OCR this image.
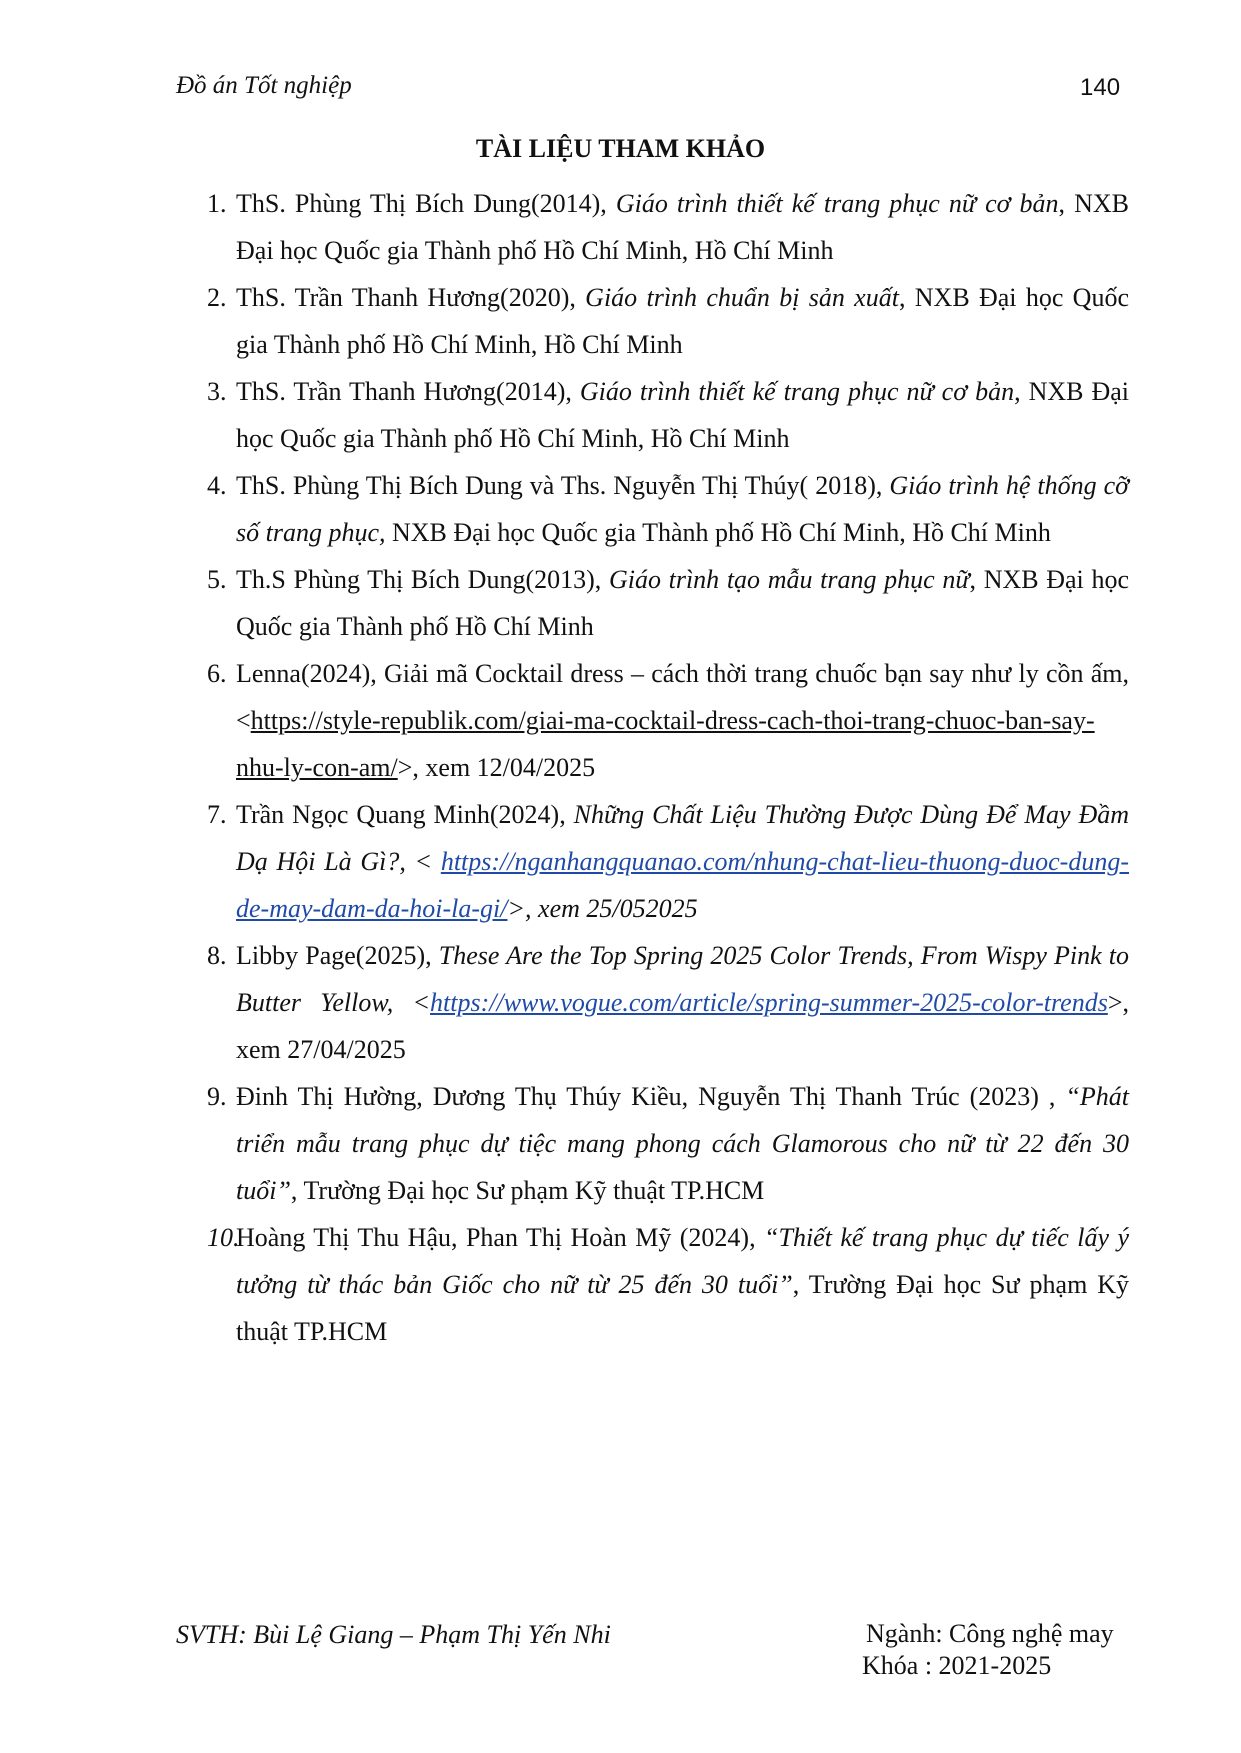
Đồ án Tốt nghiệp	140
TÀI LIỆU THAM KHẢO
1. ThS. Phùng Thị Bích Dung(2014), Giáo trình thiết kế trang phục nữ cơ bản, NXB Đại học Quốc gia Thành phố Hồ Chí Minh, Hồ Chí Minh
2. ThS. Trần Thanh Hương(2020), Giáo trình chuẩn bị sản xuất, NXB Đại học Quốc gia Thành phố Hồ Chí Minh, Hồ Chí Minh
3. ThS. Trần Thanh Hương(2014), Giáo trình thiết kế trang phục nữ cơ bản, NXB Đại học Quốc gia Thành phố Hồ Chí Minh, Hồ Chí Minh
4. ThS. Phùng Thị Bích Dung và Ths. Nguyễn Thị Thúy( 2018), Giáo trình hệ thống cỡ số trang phục, NXB Đại học Quốc gia Thành phố Hồ Chí Minh, Hồ Chí Minh
5. Th.S Phùng Thị Bích Dung(2013), Giáo trình tạo mẫu trang phục nữ, NXB Đại học Quốc gia Thành phố Hồ Chí Minh
6. Lenna(2024), Giải mã Cocktail dress – cách thời trang chuốc bạn say như ly cồn ấm, <https://style-republik.com/giai-ma-cocktail-dress-cach-thoi-trang-chuoc-ban-say-nhu-ly-con-am/>, xem 12/04/2025
7. Trần Ngọc Quang Minh(2024), Những Chất Liệu Thường Được Dùng Để May Đầm Dạ Hội Là Gì?, < https://nganhangquanao.com/nhung-chat-lieu-thuong-duoc-dung-de-may-dam-da-hoi-la-gi/>, xem 25/052025
8. Libby Page(2025), These Are the Top Spring 2025 Color Trends, From Wispy Pink to Butter Yellow, <https://www.vogue.com/article/spring-summer-2025-color-trends>, xem 27/04/2025
9. Đinh Thị Hường, Dương Thụ Thúy Kiều, Nguyễn Thị Thanh Trúc (2023) , “Phát triển mẫu trang phục dự tiệc mang phong cách Glamorous cho nữ từ 22 đến 30 tuổi”, Trường Đại học Sư phạm Kỹ thuật TP.HCM
10.
Hoàng Thị Thu Hậu, Phan Thị Hoàn Mỹ (2024), “Thiết kế trang phục dự tiếc lấy ý tưởng từ thác bản Giốc cho nữ từ 25 đến 30 tuổi”, Trường Đại học Sư phạm Kỹ thuật TP.HCM
SVTH: Bùi Lệ Giang – Phạm Thị Yến Nhi	Ngành: Công nghệ may
Khóa : 2021-2025
